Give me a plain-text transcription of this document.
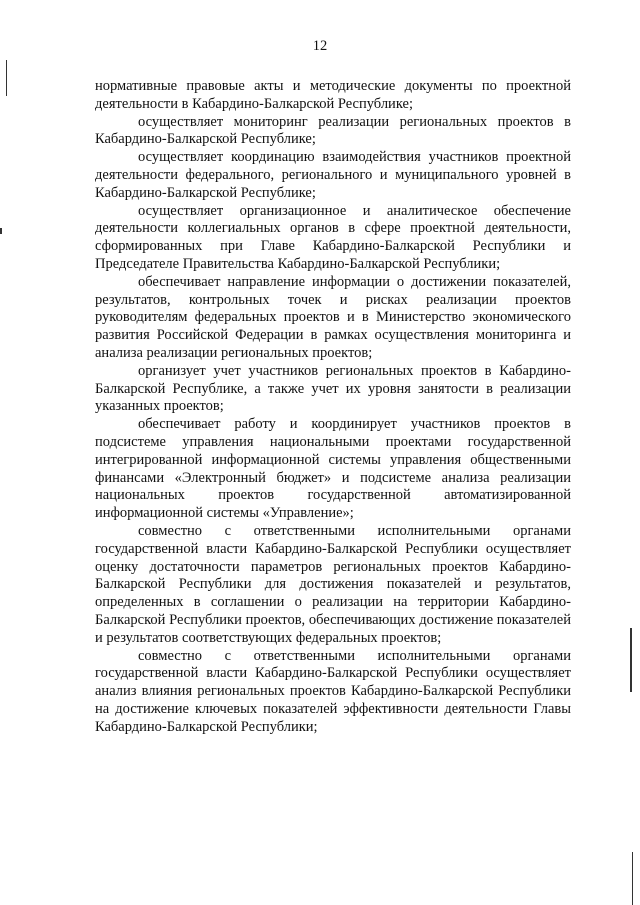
12

нормативные правовые акты и методические документы по проектной деятельности в Кабардино-Балкарской Республике;

осуществляет мониторинг реализации региональных проектов в Кабардино-Балкарской Республике;

осуществляет координацию взаимодействия участников проектной деятельности федерального, регионального и муниципального уровней в Кабардино-Балкарской Республике;

осуществляет организационное и аналитическое обеспечение деятельности коллегиальных органов в сфере проектной деятельности, сформированных при Главе Кабардино-Балкарской Республики и Председателе Правительства Кабардино-Балкарской Республики;

обеспечивает направление информации о достижении показателей, результатов, контрольных точек и рисках реализации проектов руководителям федеральных проектов и в Министерство экономического развития Российской Федерации в рамках осуществления мониторинга и анализа реализации региональных проектов;

организует учет участников региональных проектов в Кабардино-Балкарской Республике, а также учет их уровня занятости в реализации указанных проектов;

обеспечивает работу и координирует участников проектов в подсистеме управления национальными проектами государственной интегрированной информационной системы управления общественными финансами «Электронный бюджет» и подсистеме анализа реализации национальных проектов государственной автоматизированной информационной системы «Управление»;

совместно с ответственными исполнительными органами государственной власти Кабардино-Балкарской Республики осуществляет оценку достаточности параметров региональных проектов Кабардино-Балкарской Республики для достижения показателей и результатов, определенных в соглашении о реализации на территории Кабардино-Балкарской Республики проектов, обеспечивающих достижение показателей и результатов соответствующих федеральных проектов;

совместно с ответственными исполнительными органами государственной власти Кабардино-Балкарской Республики осуществляет анализ влияния региональных проектов Кабардино-Балкарской Республики на достижение ключевых показателей эффективности деятельности Главы Кабардино-Балкарской Республики;
